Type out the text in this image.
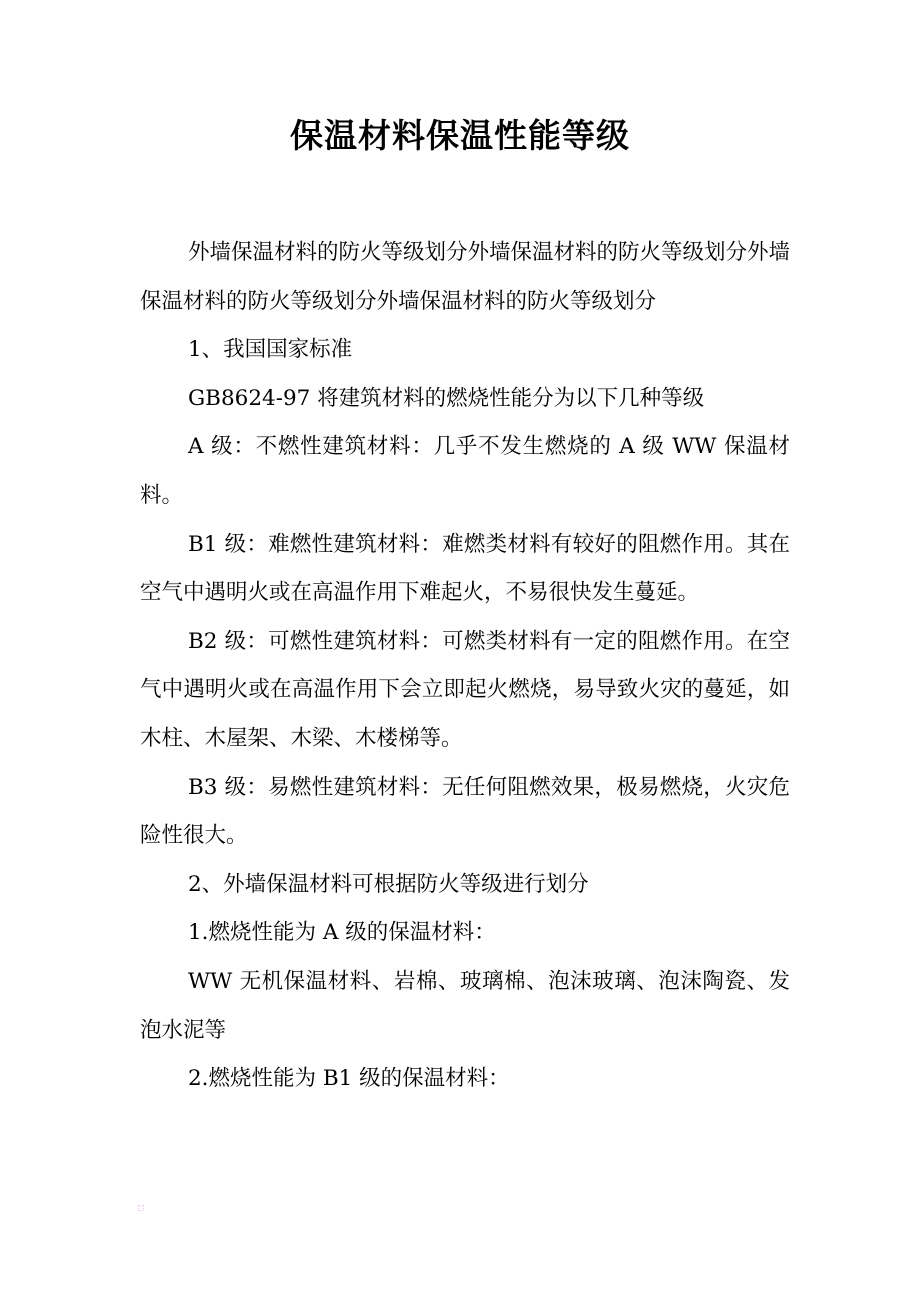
保温材料保温性能等级

外墙保温材料的防火等级划分外墙保温材料的防火等级划分外墙保温材料的防火等级划分外墙保温材料的防火等级划分

1、我国国家标准

GB8624-97 将建筑材料的燃烧性能分为以下几种等级

A 级：不燃性建筑材料：几乎不发生燃烧的 A 级 WW 保温材料。

B1 级：难燃性建筑材料：难燃类材料有较好的阻燃作用。其在空气中遇明火或在高温作用下难起火，不易很快发生蔓延。

B2 级：可燃性建筑材料：可燃类材料有一定的阻燃作用。在空气中遇明火或在高温作用下会立即起火燃烧，易导致火灾的蔓延，如木柱、木屋架、木梁、木楼梯等。

B3 级：易燃性建筑材料：无任何阻燃效果，极易燃烧，火灾危险性很大。

2、外墙保温材料可根据防火等级进行划分

1.燃烧性能为 A 级的保温材料：

WW 无机保温材料、岩棉、玻璃棉、泡沫玻璃、泡沫陶瓷、发泡水泥等

2.燃烧性能为 B1 级的保温材料：
